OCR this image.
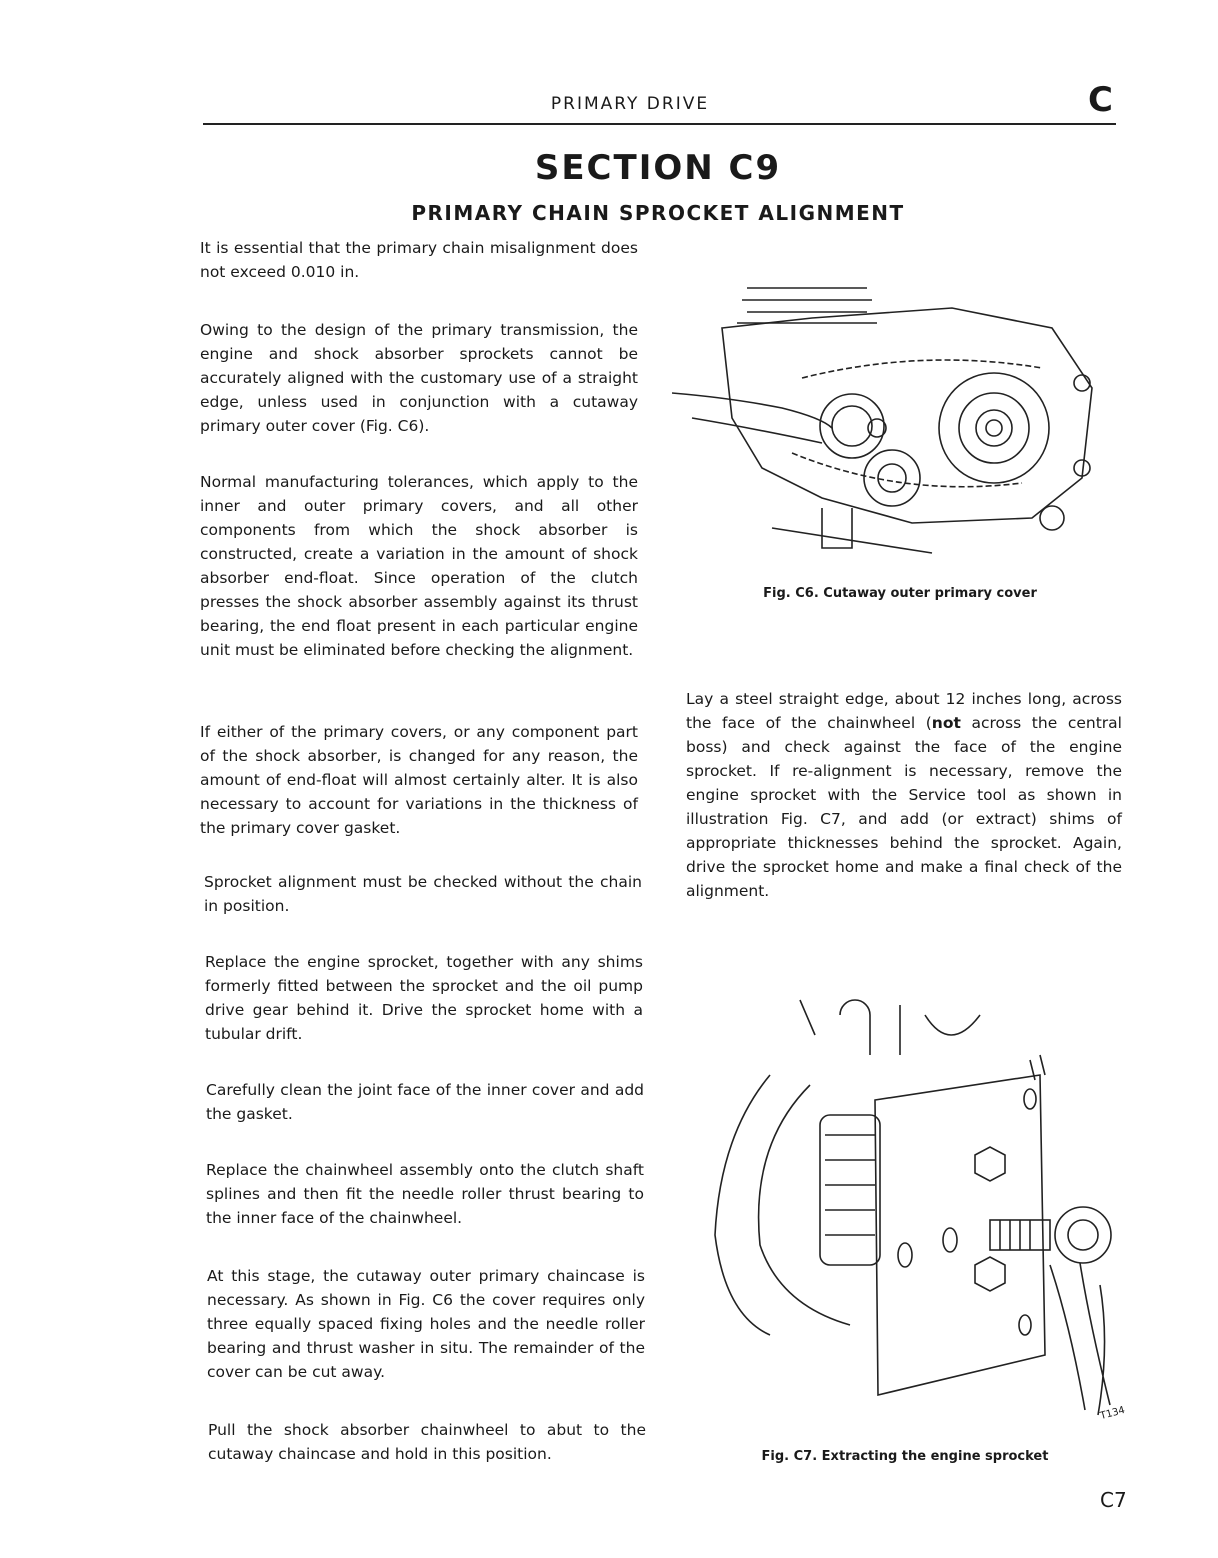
PRIMARY DRIVE	C
SECTION C9
PRIMARY CHAIN SPROCKET ALIGNMENT

It is essential that the primary chain misalignment does not exceed 0.010 in.

Owing to the design of the primary transmission, the engine and shock absorber sprockets cannot be accurately aligned with the customary use of a straight edge, unless used in conjunction with a cutaway primary outer cover (Fig. C6).

Normal manufacturing tolerances, which apply to the inner and outer primary covers, and all other components from which the shock absorber is constructed, create a variation in the amount of shock absorber end-float. Since operation of the clutch presses the shock absorber assembly against its thrust bearing, the end float present in each particular engine unit must be eliminated before checking the alignment.

If either of the primary covers, or any component part of the shock absorber, is changed for any reason, the amount of end-float will almost certainly alter. It is also necessary to account for variations in the thickness of the primary cover gasket.

Sprocket alignment must be checked without the chain in position.

Replace the engine sprocket, together with any shims formerly fitted between the sprocket and the oil pump drive gear behind it. Drive the sprocket home with a tubular drift.

Carefully clean the joint face of the inner cover and add the gasket.

Replace the chainwheel assembly onto the clutch shaft splines and then fit the needle roller thrust bearing to the inner face of the chainwheel.

At this stage, the cutaway outer primary chaincase is necessary. As shown in Fig. C6 the cover requires only three equally spaced fixing holes and the needle roller bearing and thrust washer in situ. The remainder of the cover can be cut away.

Pull the shock absorber chainwheel to abut to the cutaway chaincase and hold in this position.

Lay a steel straight edge, about 12 inches long, across the face of the chainwheel (not across the central boss) and check against the face of the engine sprocket. If re-alignment is necessary, remove the engine sprocket with the Service tool as shown in illustration Fig. C7, and add (or extract) shims of appropriate thicknesses behind the sprocket. Again, drive the sprocket home and make a final check of the alignment.

Fig. C6. Cutaway outer primary cover
T134
Fig. C7. Extracting the engine sprocket
C7
